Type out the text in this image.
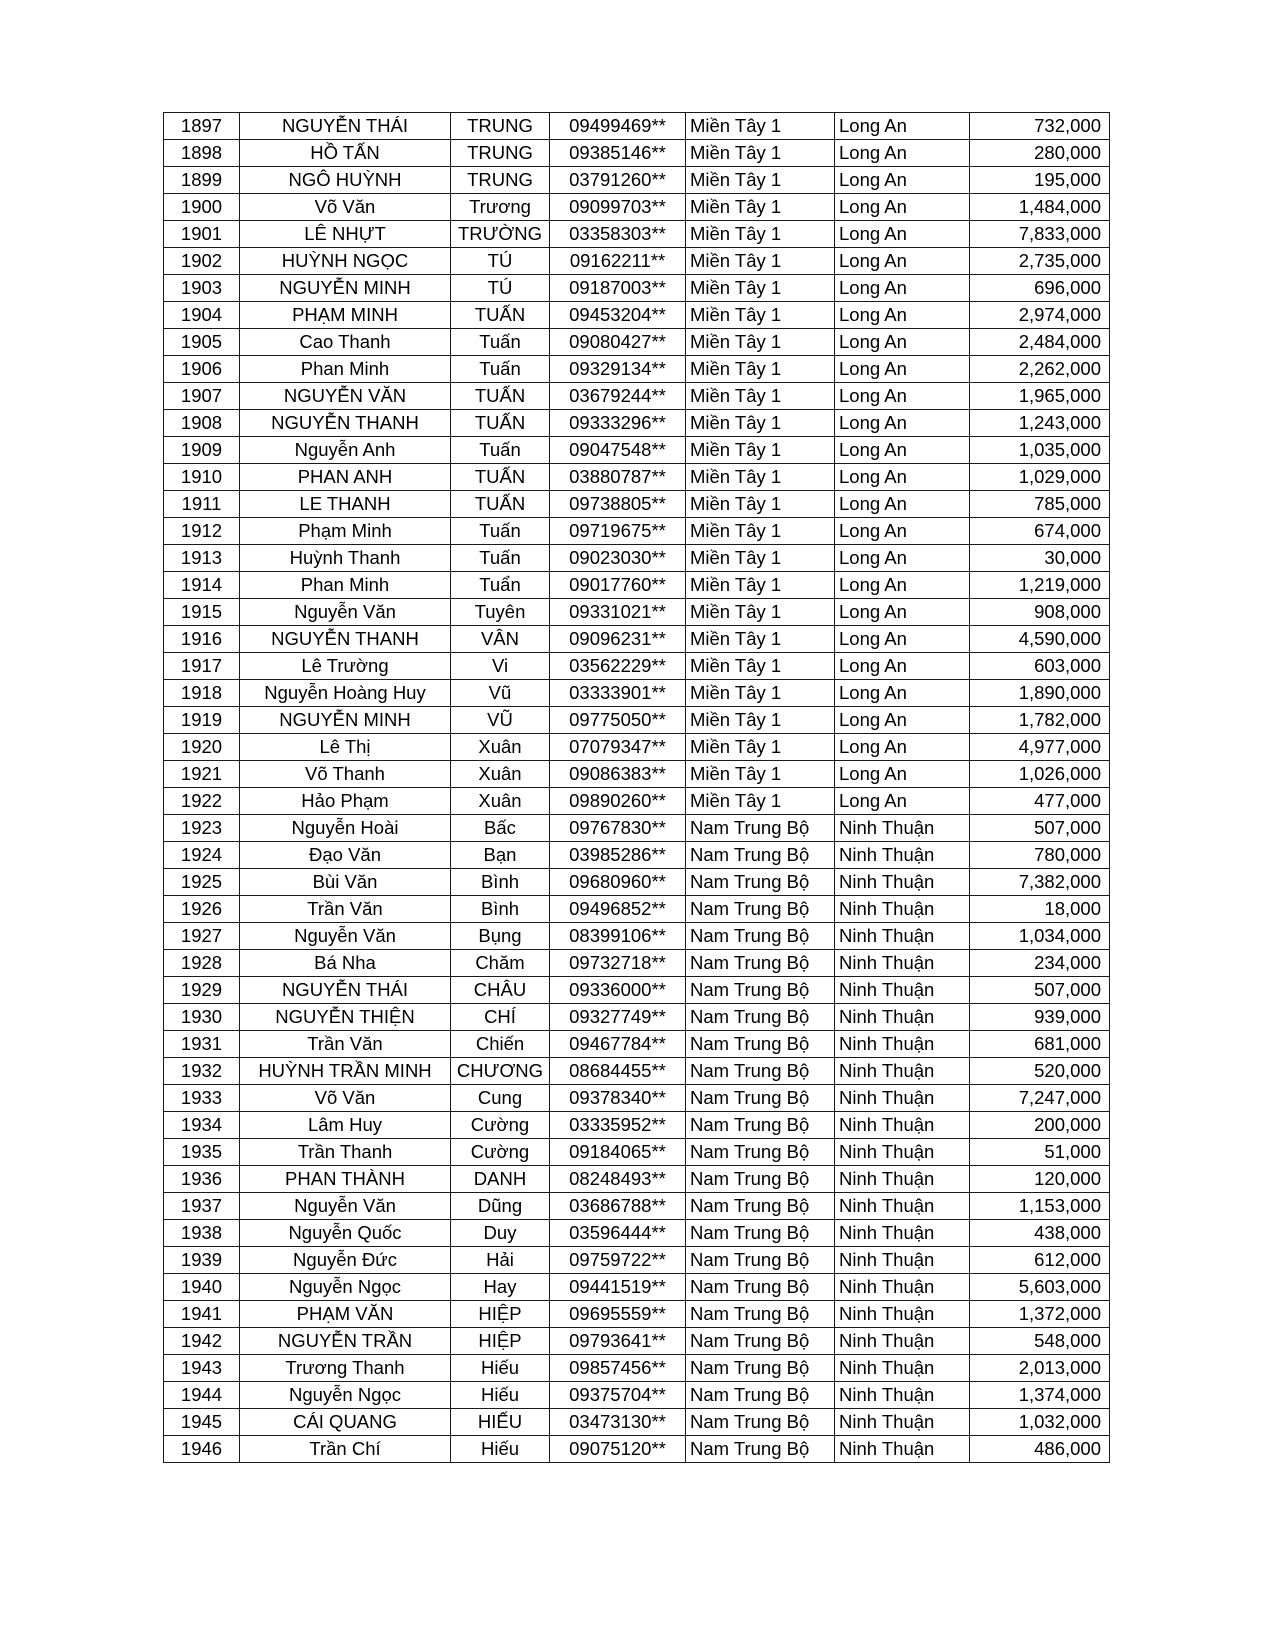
1897	NGUYỄN THÁI	TRUNG	09499469**	Miền Tây 1	Long An	732,000
1898	HỒ TẤN	TRUNG	09385146**	Miền Tây 1	Long An	280,000
1899	NGÔ HUỲNH	TRUNG	03791260**	Miền Tây 1	Long An	195,000
1900	Võ Văn	Trương	09099703**	Miền Tây 1	Long An	1,484,000
1901	LÊ NHỰT	TRƯỜNG	03358303**	Miền Tây 1	Long An	7,833,000
1902	HUỲNH NGỌC	TÚ	09162211**	Miền Tây 1	Long An	2,735,000
1903	NGUYỄN MINH	TÚ	09187003**	Miền Tây 1	Long An	696,000
1904	PHẠM MINH	TUẤN	09453204**	Miền Tây 1	Long An	2,974,000
1905	Cao Thanh	Tuấn	09080427**	Miền Tây 1	Long An	2,484,000
1906	Phan Minh	Tuấn	09329134**	Miền Tây 1	Long An	2,262,000
1907	NGUYỄN VĂN	TUẤN	03679244**	Miền Tây 1	Long An	1,965,000
1908	NGUYỄN THANH	TUẤN	09333296**	Miền Tây 1	Long An	1,243,000
1909	Nguyễn Anh	Tuấn	09047548**	Miền Tây 1	Long An	1,035,000
1910	PHAN ANH	TUẤN	03880787**	Miền Tây 1	Long An	1,029,000
1911	LE THANH	TUẤN	09738805**	Miền Tây 1	Long An	785,000
1912	Phạm Minh	Tuấn	09719675**	Miền Tây 1	Long An	674,000
1913	Huỳnh Thanh	Tuấn	09023030**	Miền Tây 1	Long An	30,000
1914	Phan Minh	Tuẩn	09017760**	Miền Tây 1	Long An	1,219,000
1915	Nguyễn Văn	Tuyên	09331021**	Miền Tây 1	Long An	908,000
1916	NGUYỄN THANH	VÂN	09096231**	Miền Tây 1	Long An	4,590,000
1917	Lê Trường	Vi	03562229**	Miền Tây 1	Long An	603,000
1918	Nguyễn Hoàng Huy	Vũ	03333901**	Miền Tây 1	Long An	1,890,000
1919	NGUYỄN MINH	VŨ	09775050**	Miền Tây 1	Long An	1,782,000
1920	Lê Thị	Xuân	07079347**	Miền Tây 1	Long An	4,977,000
1921	Võ Thanh	Xuân	09086383**	Miền Tây 1	Long An	1,026,000
1922	Hảo Phạm	Xuân	09890260**	Miền Tây 1	Long An	477,000
1923	Nguyễn Hoài	Bấc	09767830**	Nam Trung Bộ	Ninh Thuận	507,000
1924	Đạo Văn	Bạn	03985286**	Nam Trung Bộ	Ninh Thuận	780,000
1925	Bùi Văn	Bình	09680960**	Nam Trung Bộ	Ninh Thuận	7,382,000
1926	Trần Văn	Bình	09496852**	Nam Trung Bộ	Ninh Thuận	18,000
1927	Nguyễn Văn	Bụng	08399106**	Nam Trung Bộ	Ninh Thuận	1,034,000
1928	Bá Nha	Chăm	09732718**	Nam Trung Bộ	Ninh Thuận	234,000
1929	NGUYỄN THÁI	CHÂU	09336000**	Nam Trung Bộ	Ninh Thuận	507,000
1930	NGUYỄN THIỆN	CHÍ	09327749**	Nam Trung Bộ	Ninh Thuận	939,000
1931	Trần Văn	Chiến	09467784**	Nam Trung Bộ	Ninh Thuận	681,000
1932	HUỲNH TRẦN MINH	CHƯƠNG	08684455**	Nam Trung Bộ	Ninh Thuận	520,000
1933	Võ Văn	Cung	09378340**	Nam Trung Bộ	Ninh Thuận	7,247,000
1934	Lâm Huy	Cường	03335952**	Nam Trung Bộ	Ninh Thuận	200,000
1935	Trần Thanh	Cường	09184065**	Nam Trung Bộ	Ninh Thuận	51,000
1936	PHAN THÀNH	DANH	08248493**	Nam Trung Bộ	Ninh Thuận	120,000
1937	Nguyễn Văn	Dũng	03686788**	Nam Trung Bộ	Ninh Thuận	1,153,000
1938	Nguyễn Quốc	Duy	03596444**	Nam Trung Bộ	Ninh Thuận	438,000
1939	Nguyễn Đức	Hải	09759722**	Nam Trung Bộ	Ninh Thuận	612,000
1940	Nguyễn Ngọc	Hay	09441519**	Nam Trung Bộ	Ninh Thuận	5,603,000
1941	PHẠM VĂN	HIỆP	09695559**	Nam Trung Bộ	Ninh Thuận	1,372,000
1942	NGUYỄN TRẦN	HIỆP	09793641**	Nam Trung Bộ	Ninh Thuận	548,000
1943	Trương Thanh	Hiếu	09857456**	Nam Trung Bộ	Ninh Thuận	2,013,000
1944	Nguyễn Ngọc	Hiếu	09375704**	Nam Trung Bộ	Ninh Thuận	1,374,000
1945	CÁI QUANG	HIẾU	03473130**	Nam Trung Bộ	Ninh Thuận	1,032,000
1946	Trần Chí	Hiếu	09075120**	Nam Trung Bộ	Ninh Thuận	486,000
